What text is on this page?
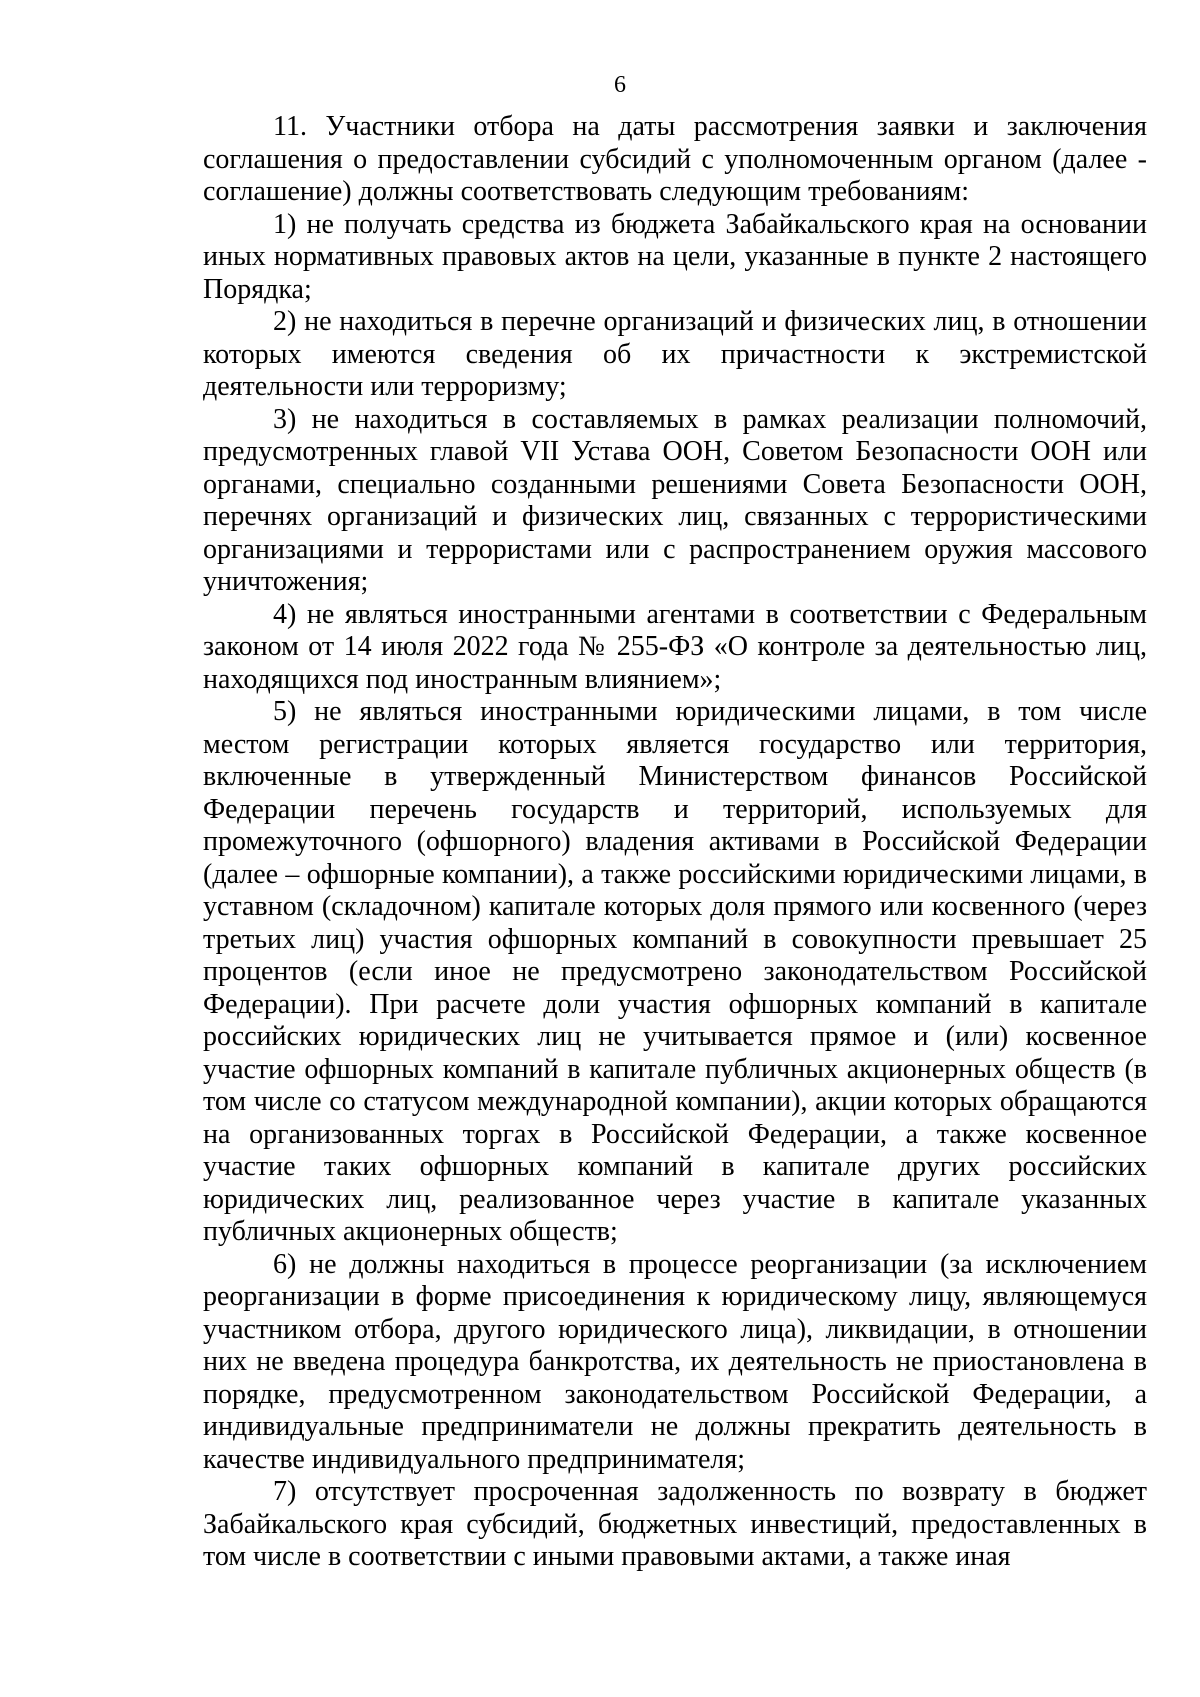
6

11. Участники отбора на даты рассмотрения заявки и заключения соглашения о предоставлении субсидий с уполномоченным органом (далее - соглашение) должны соответствовать следующим требованиям:

1) не получать средства из бюджета Забайкальского края на основании иных нормативных правовых актов на цели, указанные в пункте 2 настоящего Порядка;

2) не находиться в перечне организаций и физических лиц, в отношении которых имеются сведения об их причастности к экстремистской деятельности или терроризму;

3) не находиться в составляемых в рамках реализации полномочий, предусмотренных главой VII Устава ООН, Советом Безопасности ООН или органами, специально созданными решениями Совета Безопасности ООН, перечнях организаций и физических лиц, связанных с террористическими организациями и террористами или с распространением оружия массового уничтожения;

4) не являться иностранными агентами в соответствии с Федеральным законом от 14 июля 2022 года № 255-ФЗ «О контроле за деятельностью лиц, находящихся под иностранным влиянием»;

5) не являться иностранными юридическими лицами, в том числе местом регистрации которых является государство или территория, включенные в утвержденный Министерством финансов Российской Федерации перечень государств и территорий, используемых для промежуточного (офшорного) владения активами в Российской Федерации (далее – офшорные компании), а также российскими юридическими лицами, в уставном (складочном) капитале которых доля прямого или косвенного (через третьих лиц) участия офшорных компаний в совокупности превышает 25 процентов (если иное не предусмотрено законодательством Российской Федерации). При расчете доли участия офшорных компаний в капитале российских юридических лиц не учитывается прямое и (или) косвенное участие офшорных компаний в капитале публичных акционерных обществ (в том числе со статусом международной компании), акции которых обращаются на организованных торгах в Российской Федерации, а также косвенное участие таких офшорных компаний в капитале других российских юридических лиц, реализованное через участие в капитале указанных публичных акционерных обществ;

6) не должны находиться в процессе реорганизации (за исключением реорганизации в форме присоединения к юридическому лицу, являющемуся участником отбора, другого юридического лица), ликвидации, в отношении них не введена процедура банкротства, их деятельность не приостановлена в порядке, предусмотренном законодательством Российской Федерации, а индивидуальные предприниматели не должны прекратить деятельность в качестве индивидуального предпринимателя;

7) отсутствует просроченная задолженность по возврату в бюджет Забайкальского края субсидий, бюджетных инвестиций, предоставленных в том числе в соответствии с иными правовыми актами, а также иная
